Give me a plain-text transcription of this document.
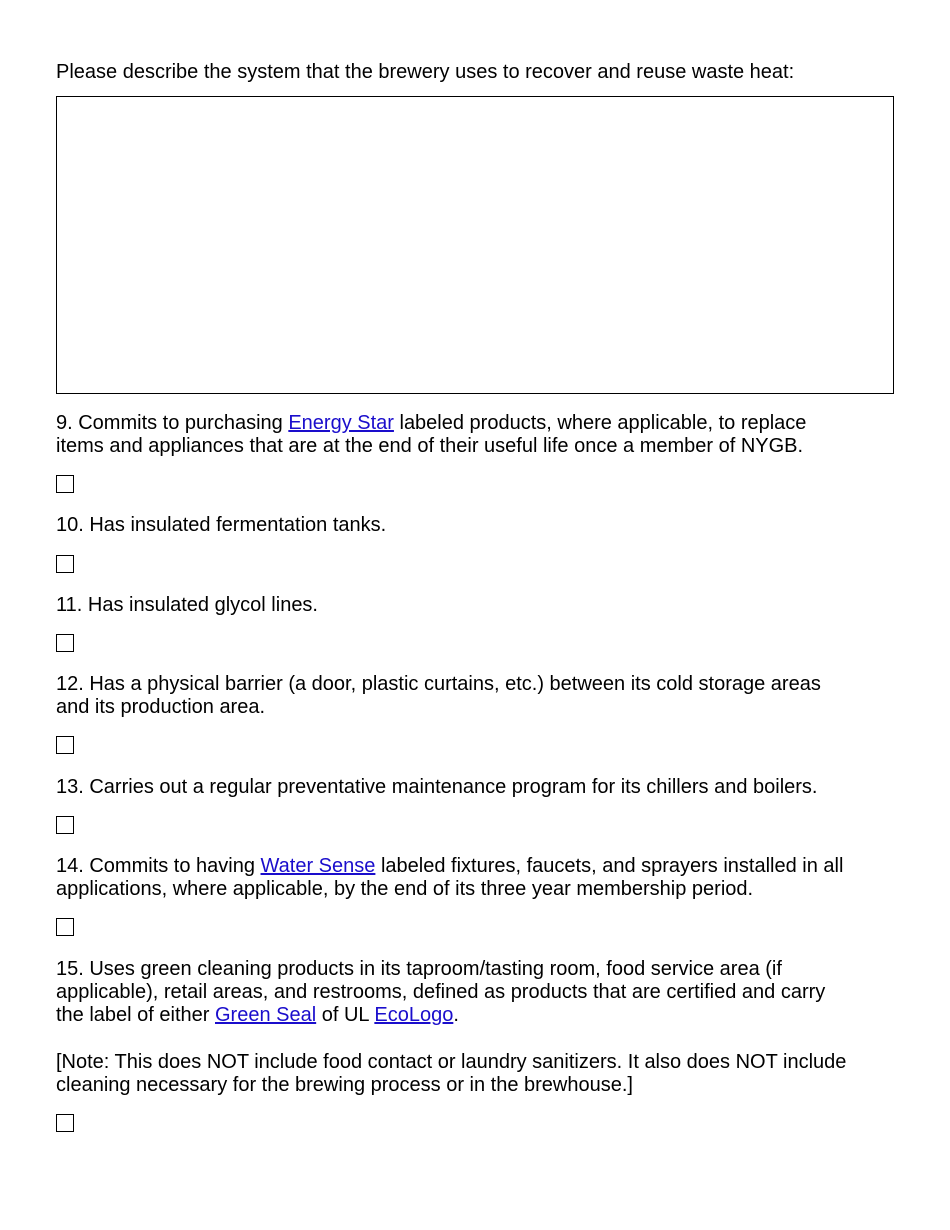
Please describe the system that the brewery uses to recover and reuse waste heat:

9. Commits to purchasing Energy Star labeled products, where applicable, to replace items and appliances that are at the end of their useful life once a member of NYGB.

10. Has insulated fermentation tanks.

11. Has insulated glycol lines.

12. Has a physical barrier (a door, plastic curtains, etc.) between its cold storage areas and its production area.

13. Carries out a regular preventative maintenance program for its chillers and boilers.

14. Commits to having Water Sense labeled fixtures, faucets, and sprayers installed in all applications, where applicable, by the end of its three year membership period.

15. Uses green cleaning products in its taproom/tasting room, food service area (if applicable), retail areas, and restrooms, defined as products that are certified and carry the label of either Green Seal of UL EcoLogo.

[Note: This does NOT include food contact or laundry sanitizers. It also does NOT include cleaning necessary for the brewing process or in the brewhouse.]
